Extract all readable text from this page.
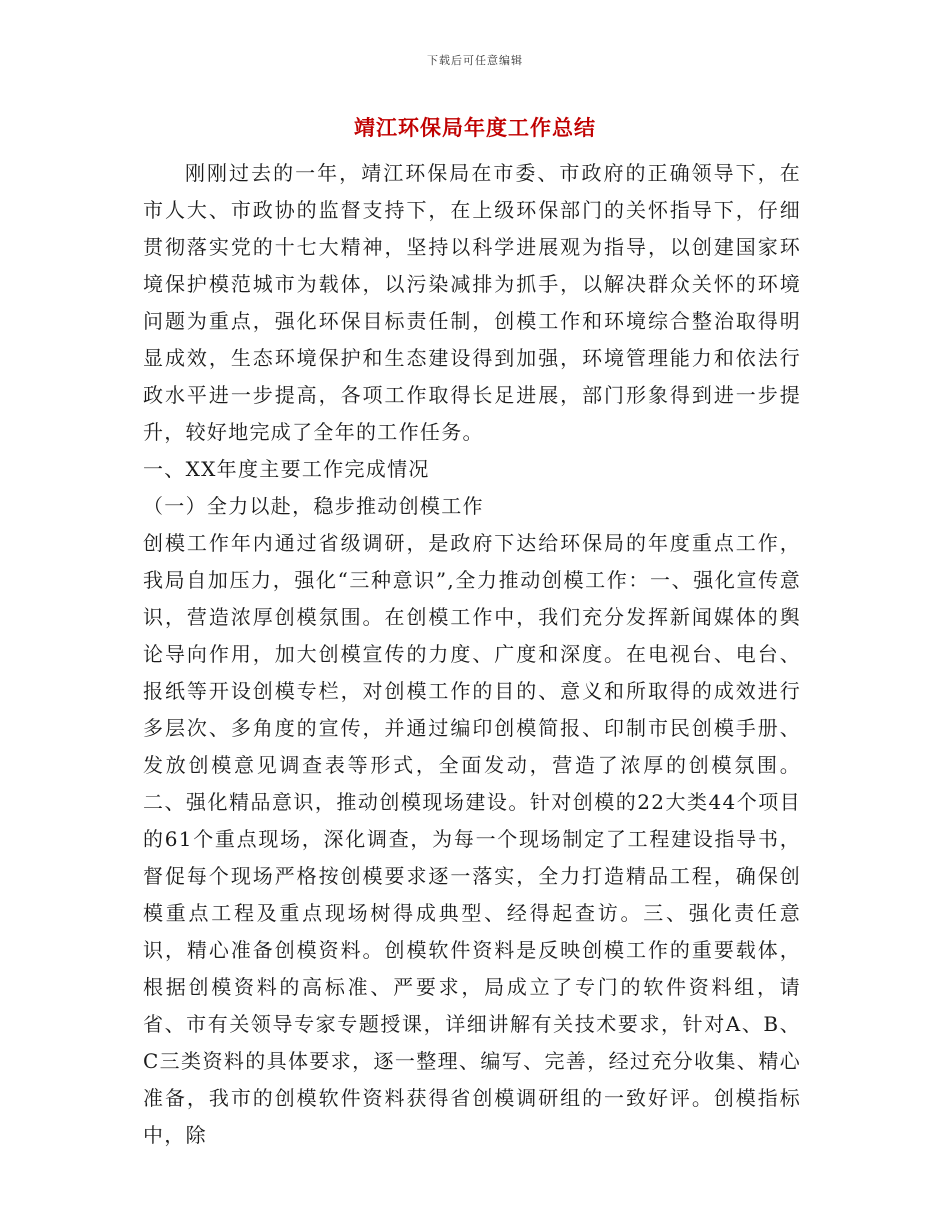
下载后可任意编辑
靖江环保局年度工作总结

刚刚过去的一年，靖江环保局在市委、市政府的正确领导下，在市人大、市政协的监督支持下，在上级环保部门的关怀指导下，仔细贯彻落实党的十七大精神，坚持以科学进展观为指导，以创建国家环境保护模范城市为载体，以污染减排为抓手，以解决群众关怀的环境问题为重点，强化环保目标责任制，创模工作和环境综合整治取得明显成效，生态环境保护和生态建设得到加强，环境管理能力和依法行政水平进一步提高，各项工作取得长足进展，部门形象得到进一步提升，较好地完成了全年的工作任务。

一、XX年度主要工作完成情况

（一）全力以赴，稳步推动创模工作

创模工作年内通过省级调研，是政府下达给环保局的年度重点工作，我局自加压力，强化“三种意识”,全力推动创模工作：一、强化宣传意识，营造浓厚创模氛围。在创模工作中，我们充分发挥新闻媒体的舆论导向作用，加大创模宣传的力度、广度和深度。在电视台、电台、报纸等开设创模专栏，对创模工作的目的、意义和所取得的成效进行多层次、多角度的宣传，并通过编印创模简报、印制市民创模手册、发放创模意见调查表等形式，全面发动，营造了浓厚的创模氛围。二、强化精品意识，推动创模现场建设。针对创模的22大类44个项目的61个重点现场，深化调查，为每一个现场制定了工程建设指导书，督促每个现场严格按创模要求逐一落实，全力打造精品工程，确保创模重点工程及重点现场树得成典型、经得起查访。三、强化责任意识，精心准备创模资料。创模软件资料是反映创模工作的重要载体，根据创模资料的高标准、严要求，局成立了专门的软件资料组，请省、市有关领导专家专题授课，详细讲解有关技术要求，针对A、B、C三类资料的具体要求，逐一整理、编写、完善，经过充分收集、精心准备，我市的创模软件资料获得省创模调研组的一致好评。创模指标中，除
